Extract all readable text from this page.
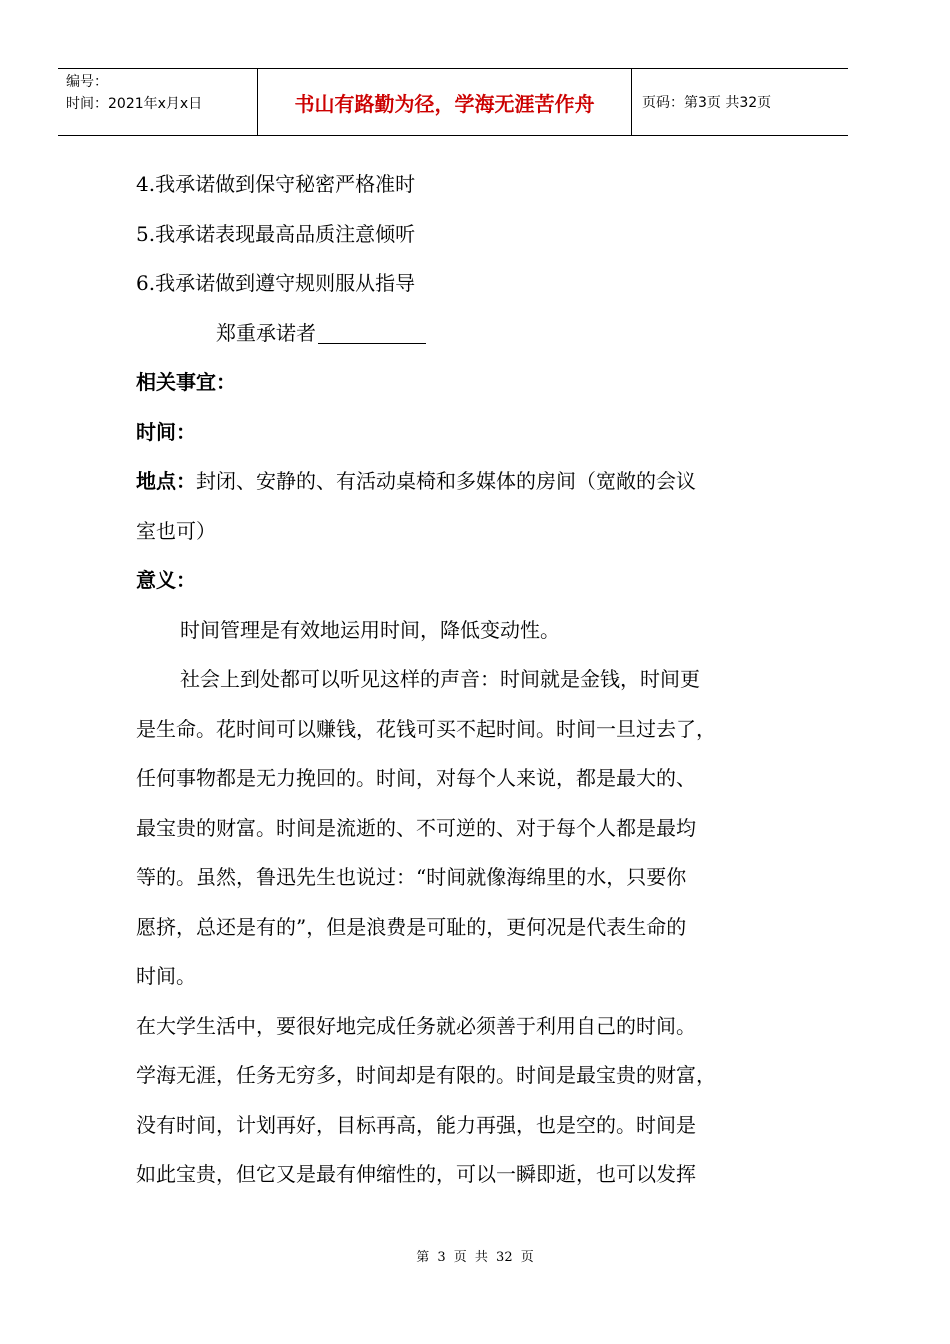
编号：
时间：2021年x月x日	书山有路勤为径，学海无涯苦作舟	页码：第3页 共32页
4.我承诺做到保守秘密严格准时
5.我承诺表现最高品质注意倾听
6.我承诺做到遵守规则服从指导
郑重承诺者
相关事宜：
时间：
地点：封闭、安静的、有活动桌椅和多媒体的房间（宽敞的会议
室也可）
意义：
时间管理是有效地运用时间，降低变动性。
社会上到处都可以听见这样的声音：时间就是金钱，时间更
是生命。花时间可以赚钱，花钱可买不起时间。时间一旦过去了，
任何事物都是无力挽回的。时间，对每个人来说，都是最大的、
最宝贵的财富。时间是流逝的、不可逆的、对于每个人都是最均
等的。虽然，鲁迅先生也说过：“时间就像海绵里的水，只要你
愿挤，总还是有的”，但是浪费是可耻的，更何况是代表生命的
时间。
在大学生活中，要很好地完成任务就必须善于利用自己的时间。
学海无涯，任务无穷多，时间却是有限的。时间是最宝贵的财富，
没有时间，计划再好，目标再高，能力再强，也是空的。时间是
如此宝贵，但它又是最有伸缩性的，可以一瞬即逝，也可以发挥
第 3 页 共 32 页
